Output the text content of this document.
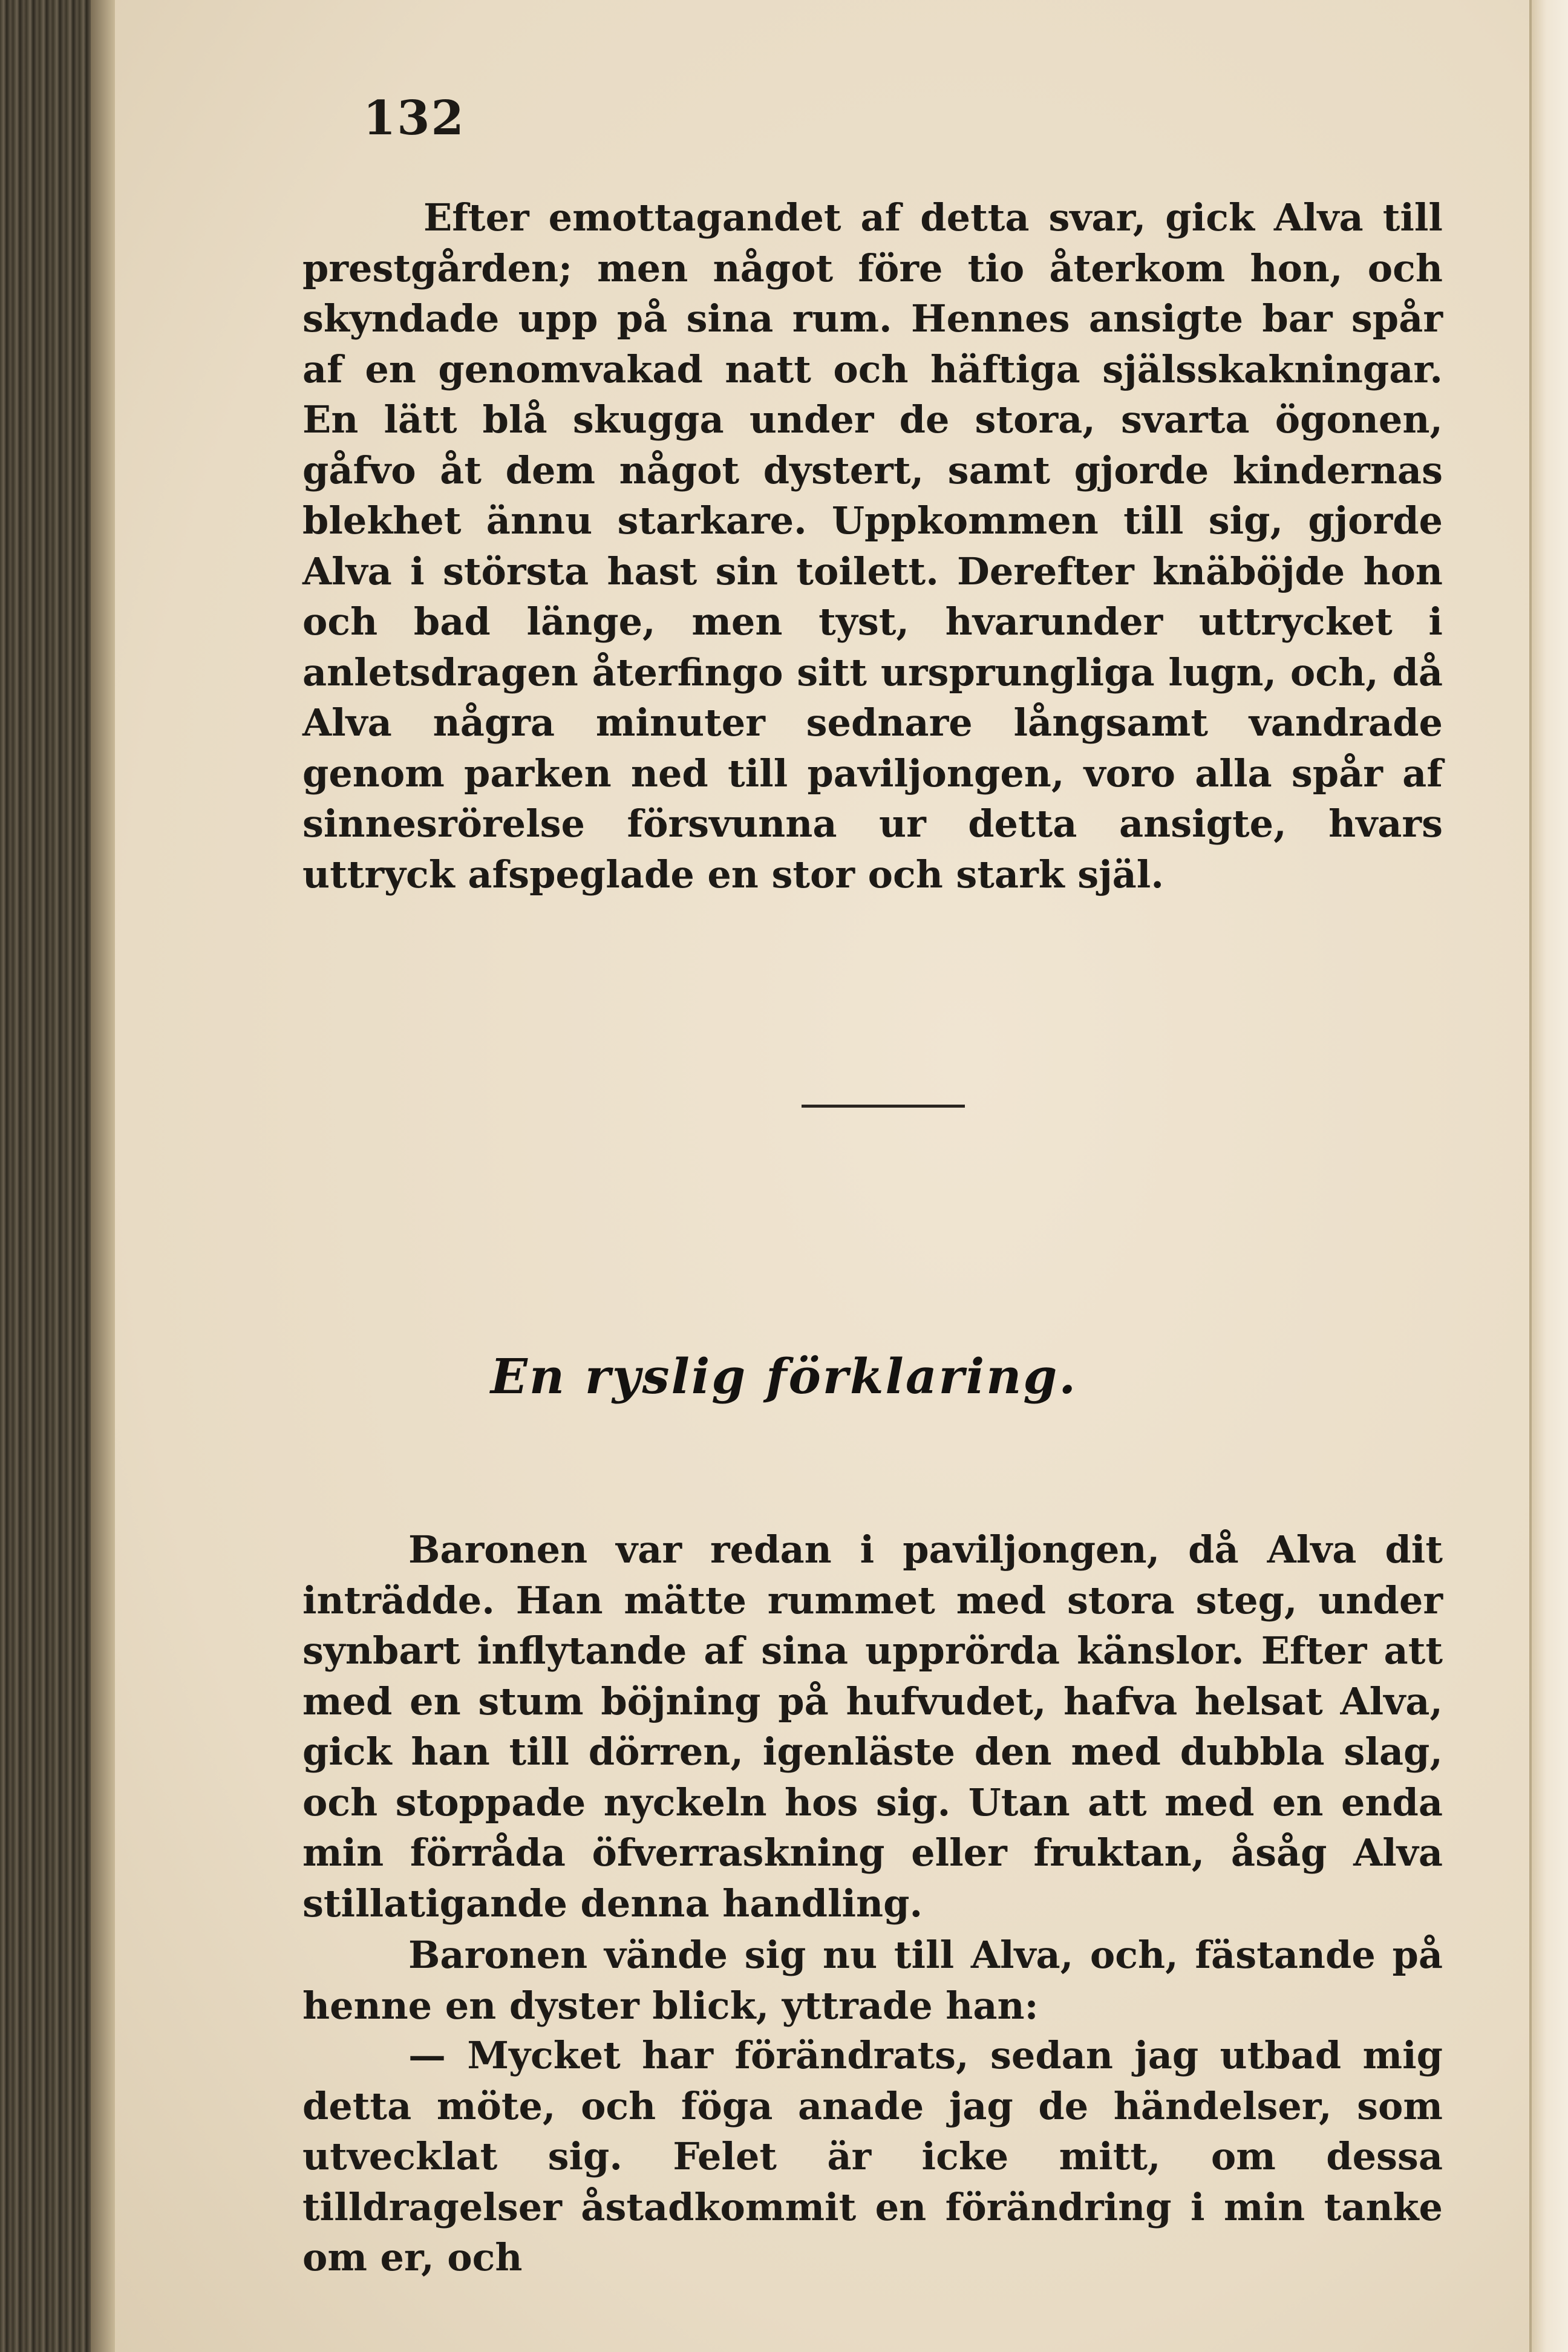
132

Efter emottagandet af detta svar, gick Alva till prestgården; men något före tio återkom hon, och skyndade upp på sina rum. Hennes ansigte bar spår af en genomvakad natt och häftiga själsskakningar. En lätt blå skugga under de stora, svarta ögonen, gåfvo åt dem något dystert, samt gjorde kindernas blekhet ännu starkare. Uppkommen till sig, gjorde Alva i största hast sin toilett. Derefter knäböjde hon och bad länge, men tyst, hvarunder uttrycket i anletsdragen återfingo sitt ursprungliga lugn, och, då Alva några minuter sednare långsamt vandrade genom parken ned till paviljongen, voro alla spår af sinnesrörelse försvunna ur detta ansigte, hvars uttryck afspeglade en stor och stark själ.

En ryslig förklaring.

Baronen var redan i paviljongen, då Alva dit inträdde. Han mätte rummet med stora steg, under synbart inflytande af sina upprörda känslor. Efter att med en stum böjning på hufvudet, hafva helsat Alva, gick han till dörren, igenläste den med dubbla slag, och stoppade nyckeln hos sig. Utan att med en enda min förråda öfverraskning eller fruktan, åsåg Alva stillatigande denna handling.

Baronen vände sig nu till Alva, och, fästande på henne en dyster blick, yttrade han:

— Mycket har förändrats, sedan jag utbad mig detta möte, och föga anade jag de händelser, som utvecklat sig. Felet är icke mitt, om dessa tilldragelser åstadkommit en förändring i min tanke om er, och
